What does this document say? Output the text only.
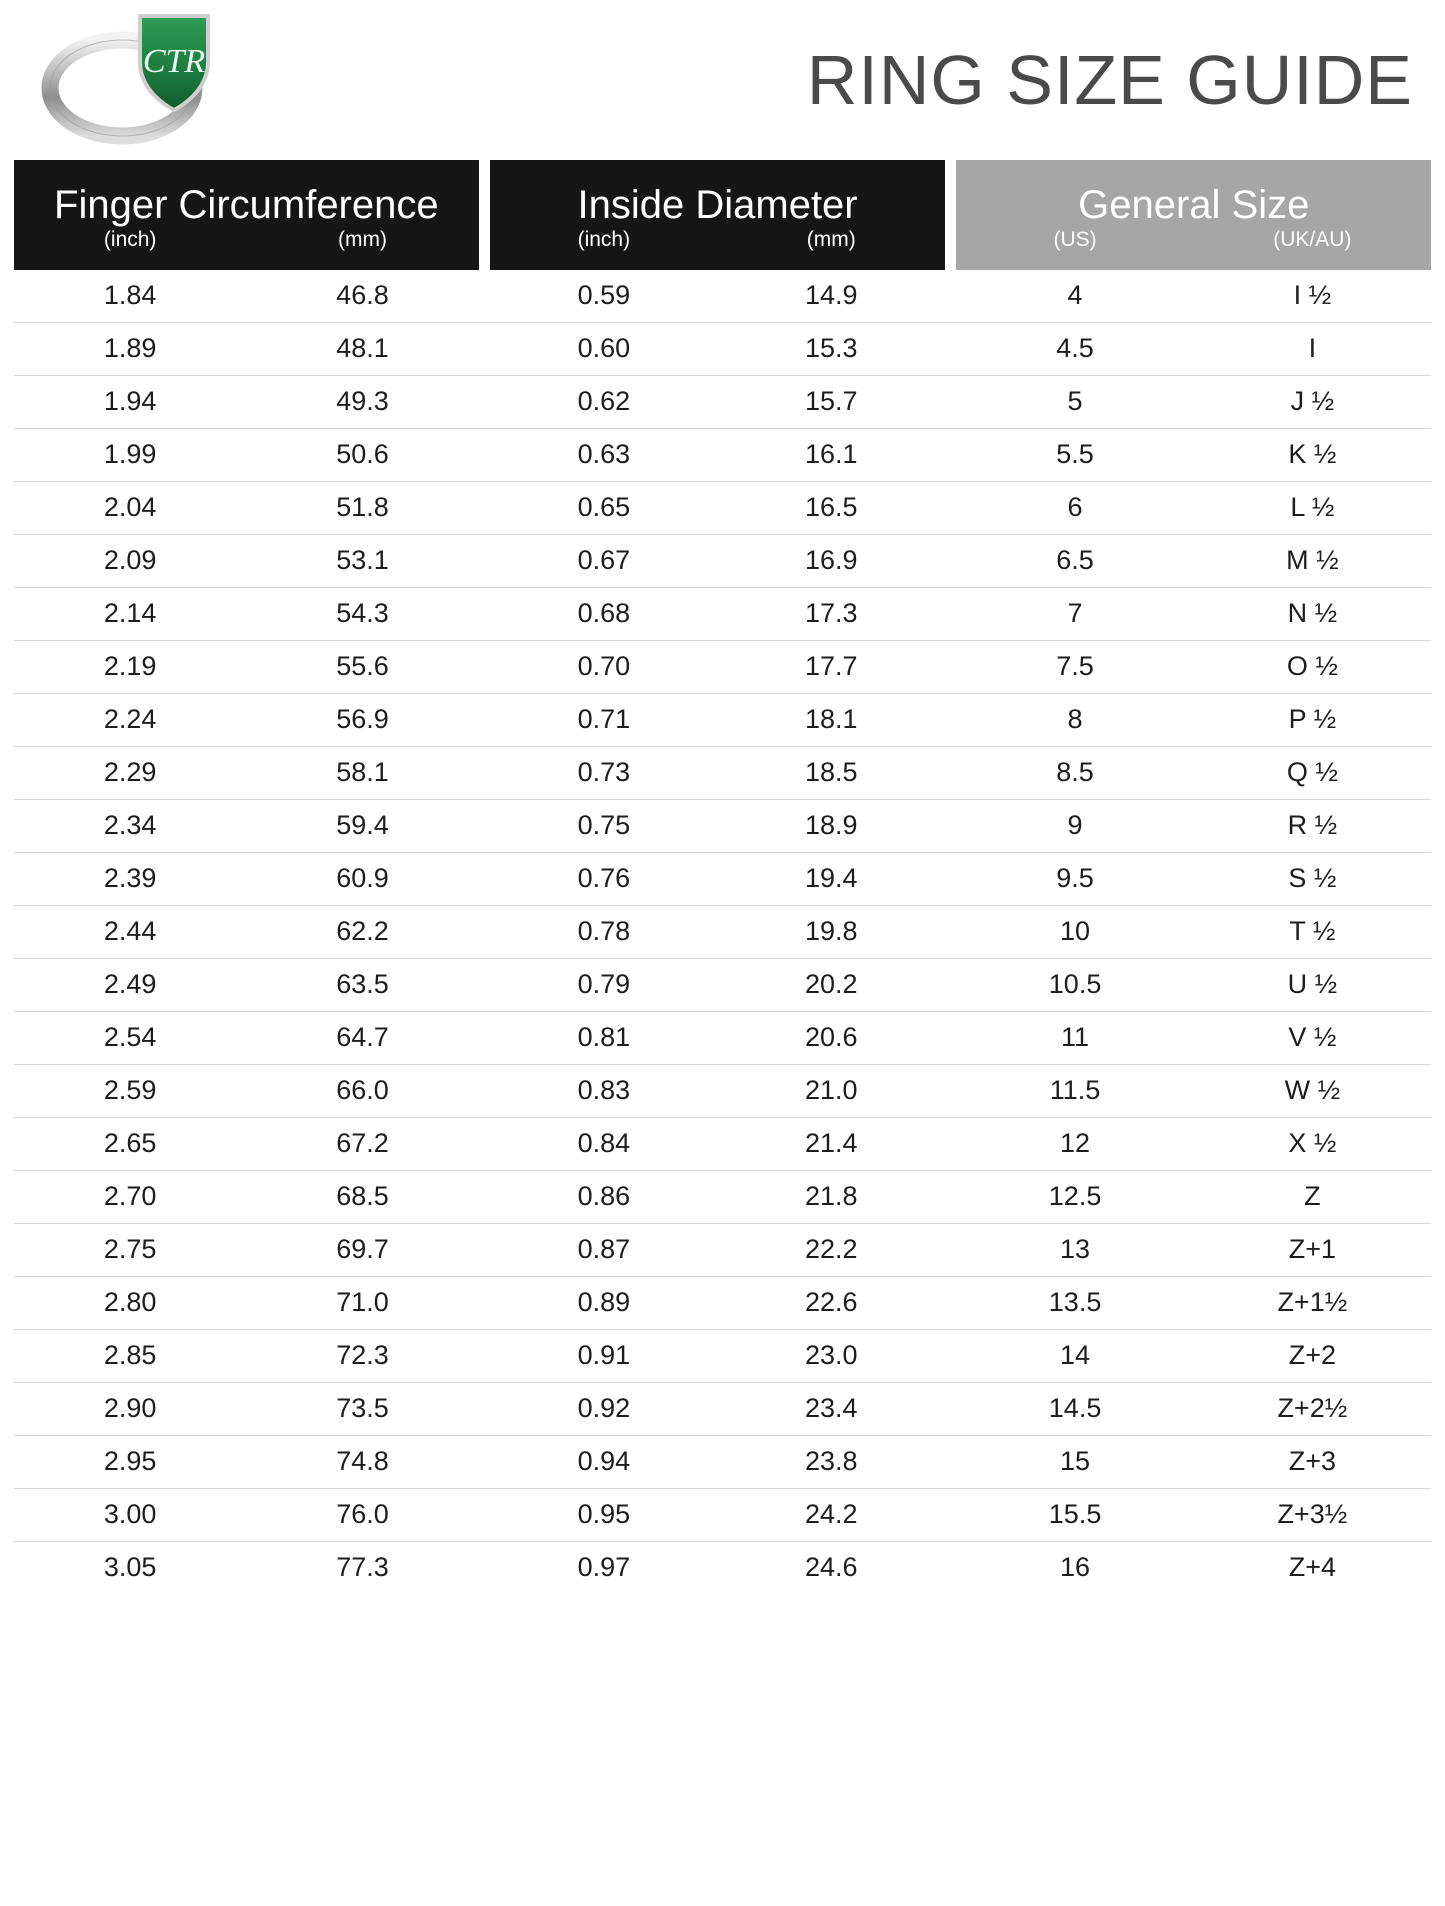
CTR	RING SIZE GUIDE
Finger Circumference			Inside Diameter			General Size	

(inch)	(mm)		(inch)	(mm)		(US)	(UK/AU)
1.84	46.8		0.59	14.9		4	I ½
1.89	48.1		0.60	15.3		4.5	I
1.94	49.3		0.62	15.7		5	J ½
1.99	50.6		0.63	16.1		5.5	K ½
2.04	51.8		0.65	16.5		6	L ½
2.09	53.1		0.67	16.9		6.5	M ½
2.14	54.3		0.68	17.3		7	N ½
2.19	55.6		0.70	17.7		7.5	O ½
2.24	56.9		0.71	18.1		8	P ½
2.29	58.1		0.73	18.5		8.5	Q ½
2.34	59.4		0.75	18.9		9	R ½
2.39	60.9		0.76	19.4		9.5	S ½
2.44	62.2		0.78	19.8		10	T ½
2.49	63.5		0.79	20.2		10.5	U ½
2.54	64.7		0.81	20.6		11	V ½
2.59	66.0		0.83	21.0		11.5	W ½
2.65	67.2		0.84	21.4		12	X ½
2.70	68.5		0.86	21.8		12.5	Z
2.75	69.7		0.87	22.2		13	Z+1
2.80	71.0		0.89	22.6		13.5	Z+1½
2.85	72.3		0.91	23.0		14	Z+2
2.90	73.5		0.92	23.4		14.5	Z+2½
2.95	74.8		0.94	23.8		15	Z+3
3.00	76.0		0.95	24.2		15.5	Z+3½
3.05	77.3		0.97	24.6		16	Z+4
